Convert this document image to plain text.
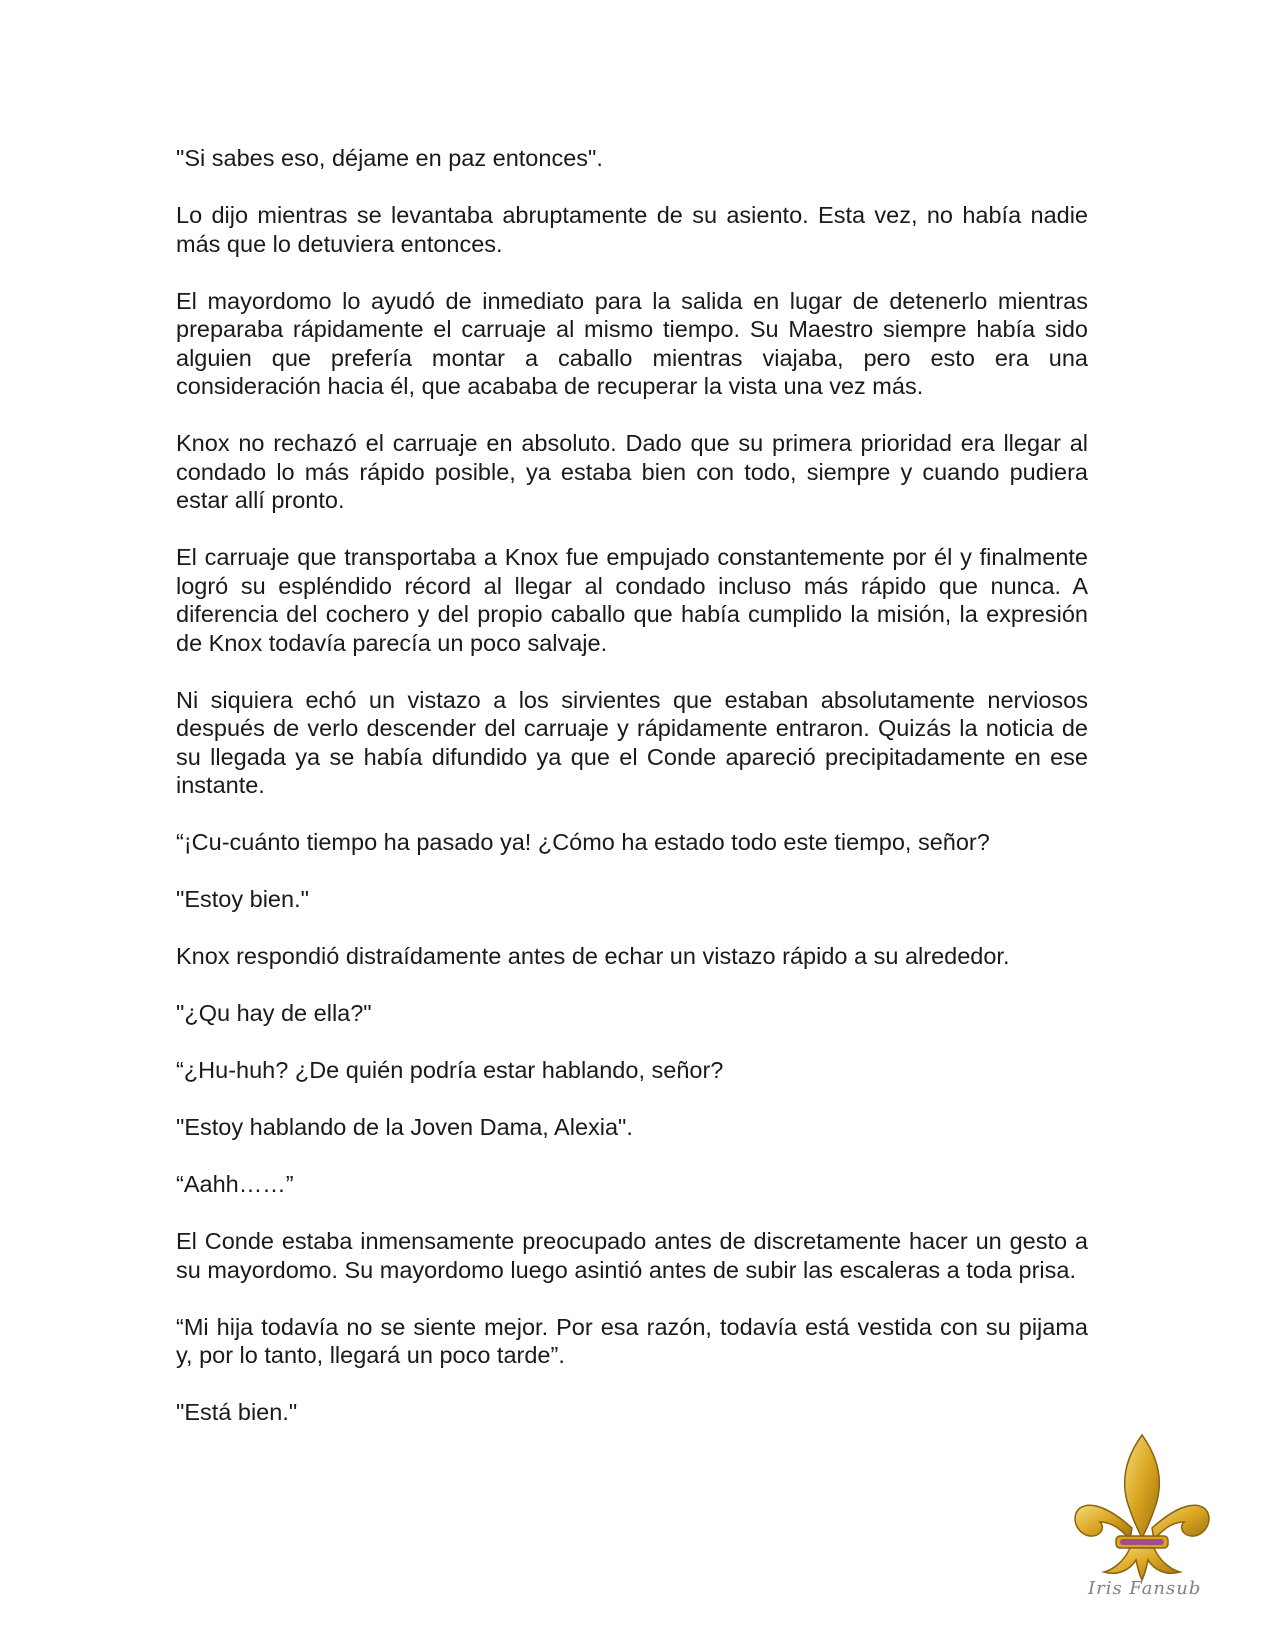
"Si sabes eso, déjame en paz entonces".

Lo dijo mientras se levantaba abruptamente de su asiento. Esta vez, no había nadie más que lo detuviera entonces.

El mayordomo lo ayudó de inmediato para la salida en lugar de detenerlo mientras preparaba rápidamente el carruaje al mismo tiempo. Su Maestro siempre había sido alguien que prefería montar a caballo mientras viajaba, pero esto era una consideración hacia él, que acababa de recuperar la vista una vez más.

Knox no rechazó el carruaje en absoluto. Dado que su primera prioridad era llegar al condado lo más rápido posible, ya estaba bien con todo, siempre y cuando pudiera estar allí pronto.

El carruaje que transportaba a Knox fue empujado constantemente por él y finalmente logró su espléndido récord al llegar al condado incluso más rápido que nunca. A diferencia del cochero y del propio caballo que había cumplido la misión, la expresión de Knox todavía parecía un poco salvaje.

Ni siquiera echó un vistazo a los sirvientes que estaban absolutamente nerviosos después de verlo descender del carruaje y rápidamente entraron. Quizás la noticia de su llegada ya se había difundido ya que el Conde apareció precipitadamente en ese instante.

“¡Cu-cuánto tiempo ha pasado ya! ¿Cómo ha estado todo este tiempo, señor?

"Estoy bien."

Knox respondió distraídamente antes de echar un vistazo rápido a su alrededor.

"¿Qu hay de ella?"

“¿Hu-huh? ¿De quién podría estar hablando, señor?

"Estoy hablando de la Joven Dama, Alexia".

“Aahh……”

El Conde estaba inmensamente preocupado antes de discretamente hacer un gesto a su mayordomo. Su mayordomo luego asintió antes de subir las escaleras a toda prisa.

“Mi hija todavía no se siente mejor. Por esa razón, todavía está vestida con su pijama y, por lo tanto, llegará un poco tarde”.

"Está bien."

Iris Fansub
